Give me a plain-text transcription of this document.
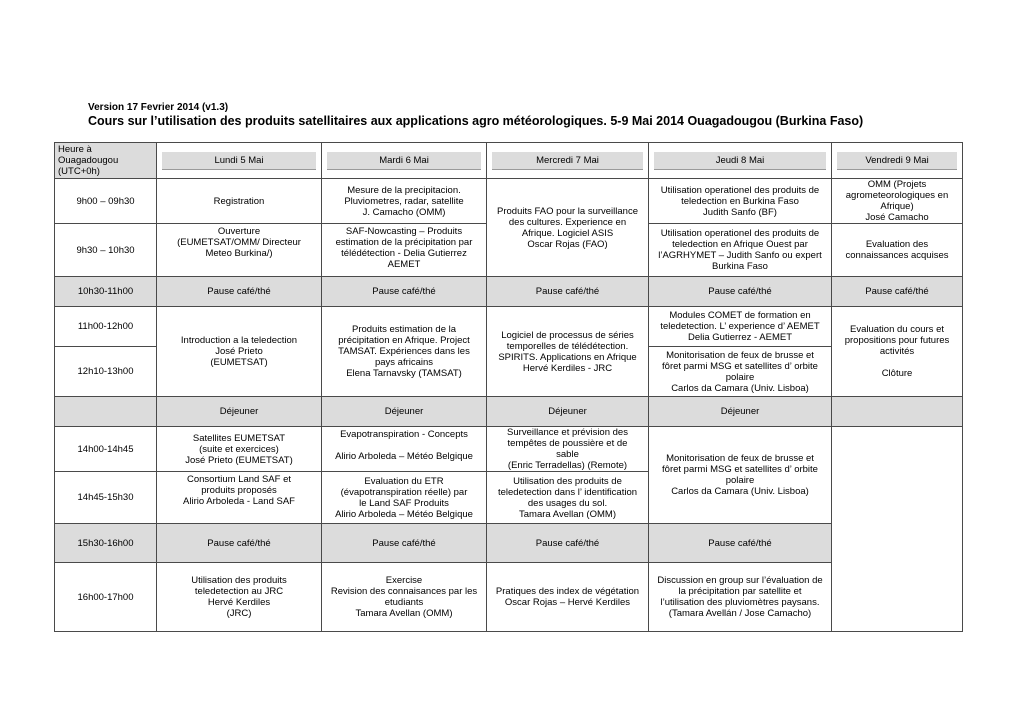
Version 17 Fevrier 2014 (v1.3)
Cours sur l’utilisation des produits satellitaires aux applications agro météorologiques. 5-9 Mai 2014 Ouagadougou (Burkina Faso)
Heure à
Ouagadougou
(UTC+0h)	Lundi 5 Mai	Mardi 6 Mai	Mercredi 7 Mai	Jeudi 8 Mai	Vendredi 9 Mai

9h00 – 09h30	Registration	Mesure de la precipitacion.
Pluviometres, radar, satellite
J. Camacho (OMM)	Produits FAO pour la surveillance
des cultures. Experience en
Afrique. Logiciel ASIS
Oscar Rojas (FAO)	Utilisation operationel des produits de
teledection en Burkina Faso
Judith Sanfo (BF)	OMM (Projets
agrometeorologiques en
Afrique)
José Camacho
9h30 – 10h30	Ouverture
(EUMETSAT/OMM/ Directeur
Meteo Burkina/)	SAF-Nowcasting – Produits
estimation de la précipitation par
télédétection - Delia Gutierrez
AEMET		Utilisation operationel des produits de
teledection en Afrique Ouest par
l’AGRHYMET – Judith Sanfo ou expert
Burkina Faso	Evaluation des
connaissances acquises
10h30-11h00	Pause café/thé	Pause café/thé	Pause café/thé	Pause café/thé	Pause café/thé
11h00-12h00	Introduction a la teledection
José Prieto
(EUMETSAT)	Produits estimation de la
précipitation en Afrique. Project
TAMSAT. Expériences dans les
pays africains
Elena Tarnavsky (TAMSAT)	Logiciel de processus de séries
temporelles de télédétection.
SPIRITS. Applications en Afrique
Hervé Kerdiles - JRC	Modules COMET de formation en
teledetection. L’ experience d’ AEMET
Delia Gutierrez - AEMET	Evaluation du cours et
propositions pour futures
activités

Clôture
12h10-13h00				Monitorisation de feux de brusse et
fôret parmi MSG et satellites d’ orbite
polaire
Carlos da Camara (Univ. Lisboa)	
	Déjeuner	Déjeuner	Déjeuner	Déjeuner	
14h00-14h45	Satellites EUMETSAT
(suite et exercices)
José Prieto (EUMETSAT)	Evapotranspiration - Concepts

Alirio Arboleda – Météo Belgique	Surveillance et prévision des
tempêtes de poussière et de
sable
(Enric Terradellas) (Remote)	Monitorisation de feux de brusse et
fôret parmi MSG et satellites d’ orbite
polaire
Carlos da Camara (Univ. Lisboa)	
14h45-15h30	Consortium Land SAF et
produits proposés
Alirio Arboleda - Land SAF	Evaluation du ETR
(évapotranspiration réelle) par
le Land SAF Produits
Alirio Arboleda – Météo Belgique	Utilisation des produits de
teledetection dans l’ identification
des usages du sol.
Tamara Avellan (OMM)		
15h30-16h00	Pause café/thé	Pause café/thé	Pause café/thé	Pause café/thé	
16h00-17h00	Utilisation des produits
teledetection au JRC
Hervé Kerdiles
(JRC)	Exercise
Revision des connaisances par les
etudiants
Tamara Avellan (OMM)	Pratiques des index de végétation
Oscar Rojas – Hervé Kerdiles	Discussion en group sur l’évaluation de
la précipitation par satellite et
l’utilisation des pluviomètres paysans.
(Tamara Avellán / Jose Camacho)	
